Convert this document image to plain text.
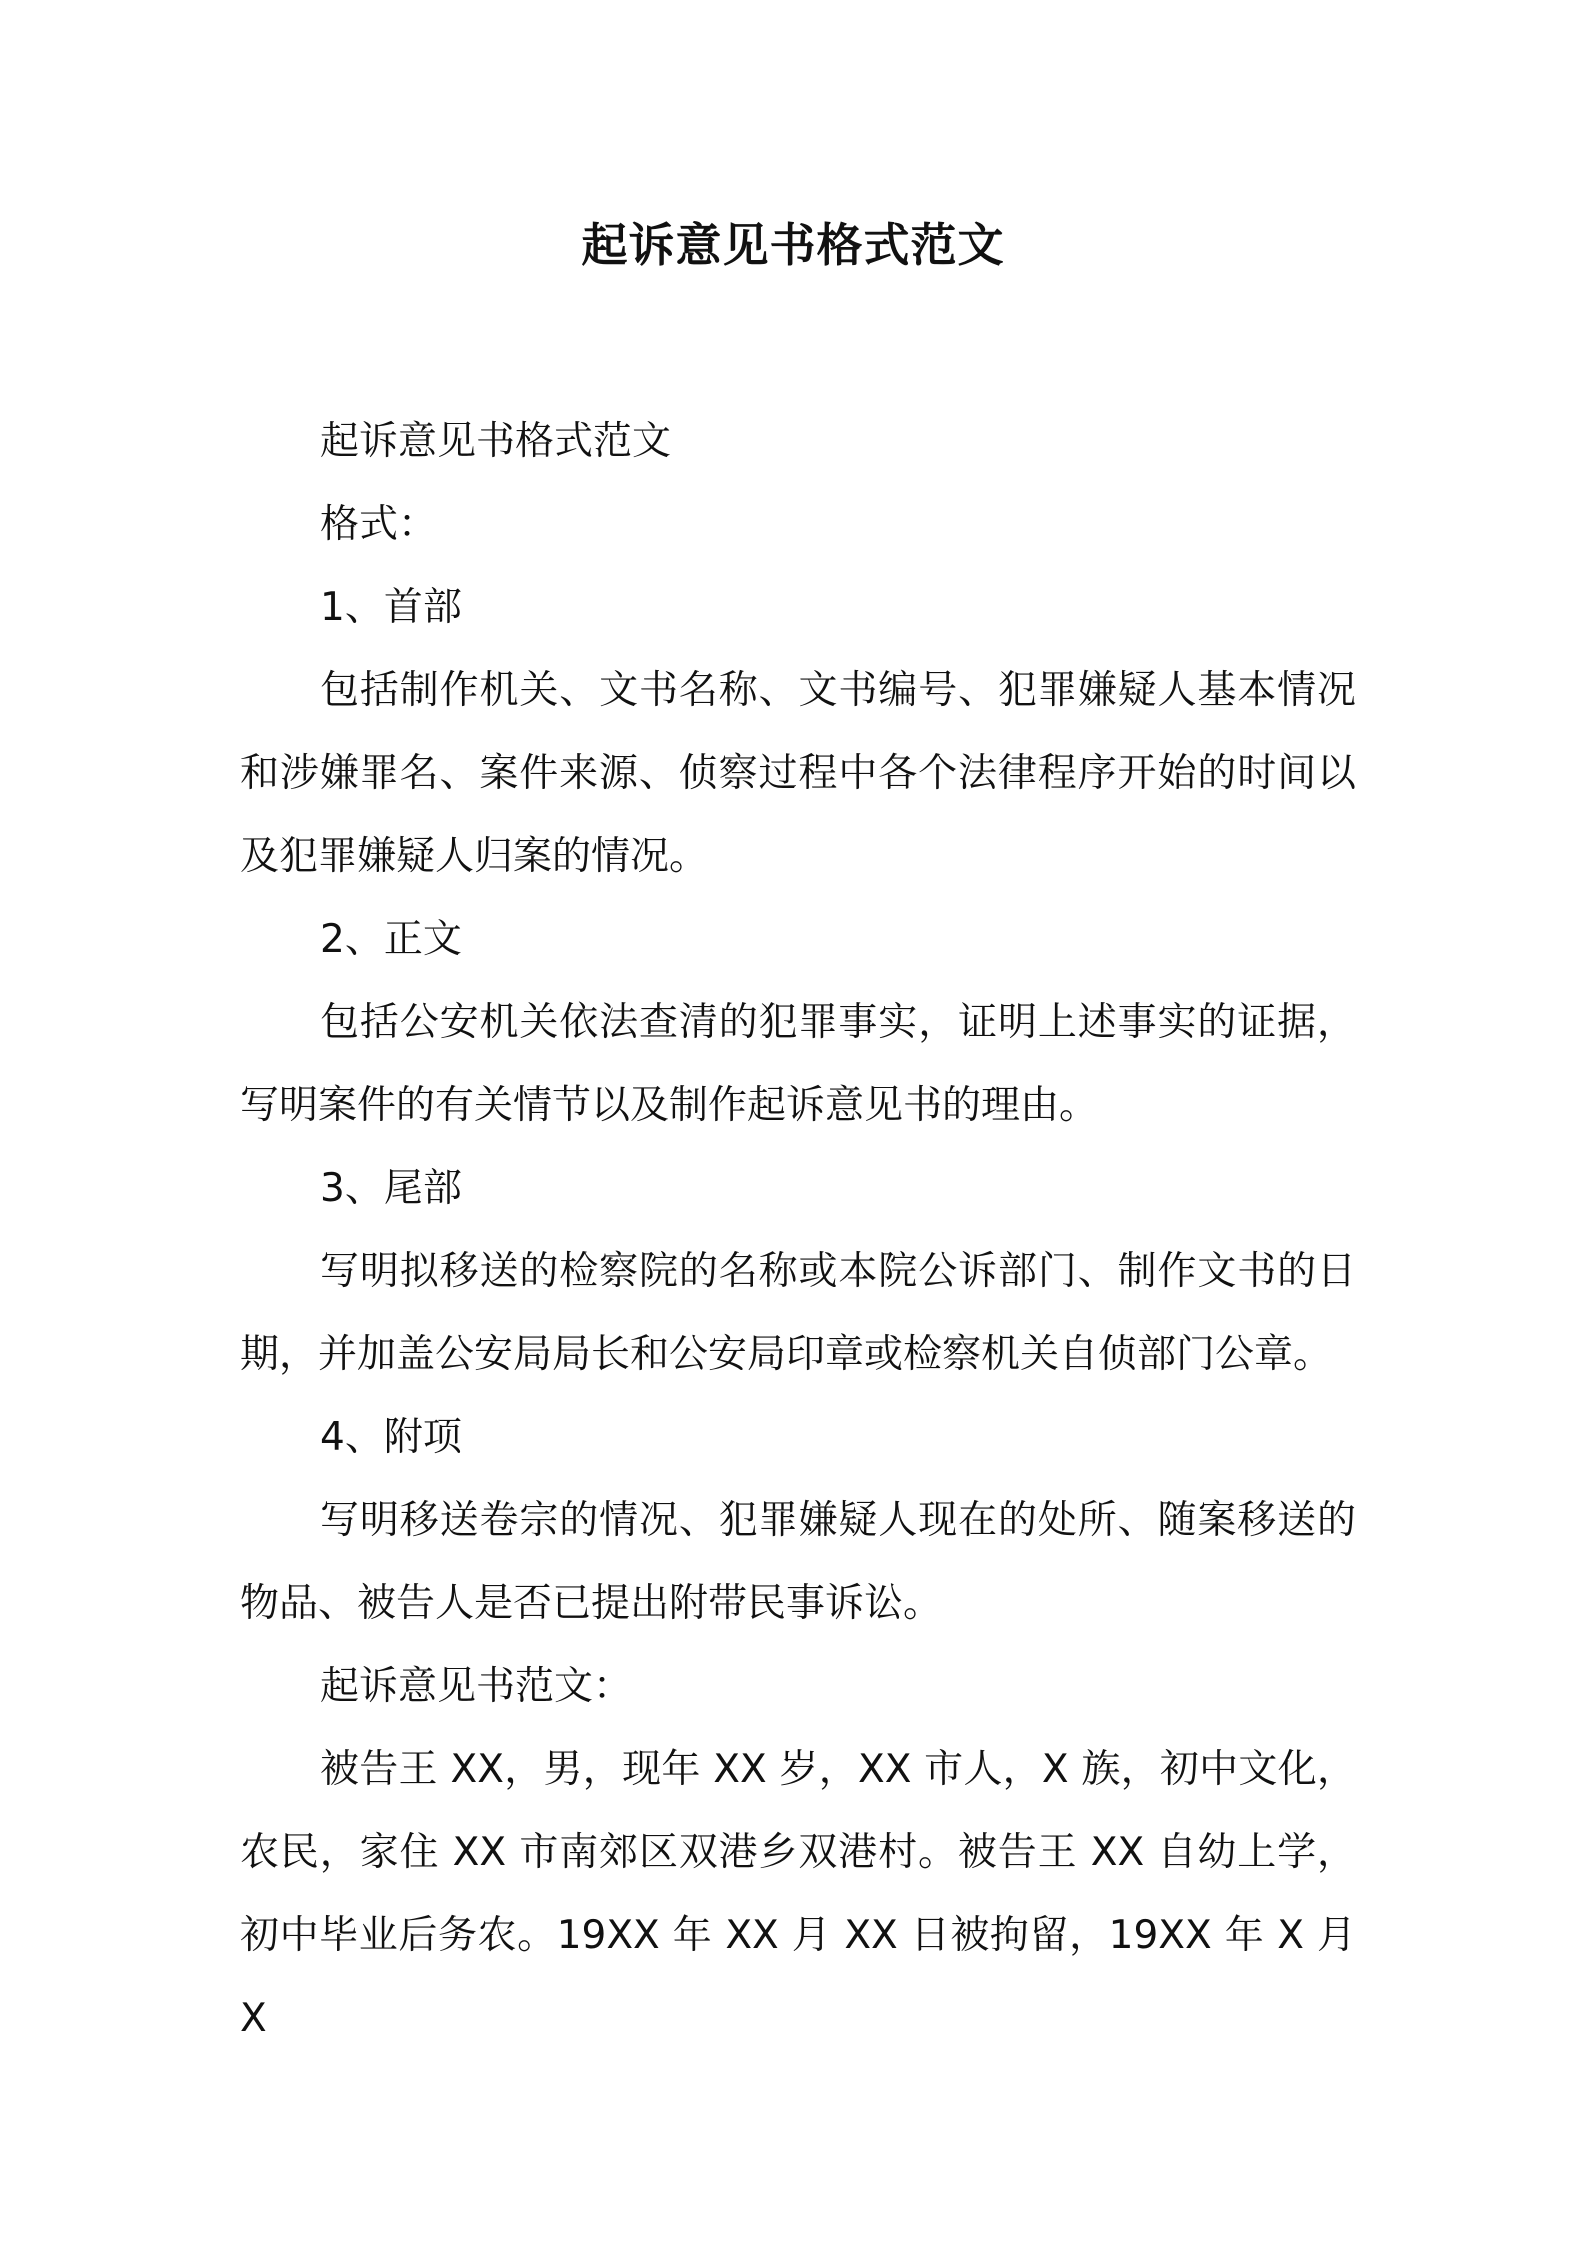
起诉意见书格式范文

起诉意见书格式范文

格式：

1、首部

包括制作机关、文书名称、文书编号、犯罪嫌疑人基本情况和涉嫌罪名、案件来源、侦察过程中各个法律程序开始的时间以及犯罪嫌疑人归案的情况。

2、正文

包括公安机关依法查清的犯罪事实，证明上述事实的证据，写明案件的有关情节以及制作起诉意见书的理由。

3、尾部

写明拟移送的检察院的名称或本院公诉部门、制作文书的日期，并加盖公安局局长和公安局印章或检察机关自侦部门公章。

4、附项

写明移送卷宗的情况、犯罪嫌疑人现在的处所、随案移送的物品、被告人是否已提出附带民事诉讼。

起诉意见书范文：

被告王 XX，男，现年 XX 岁，XX 市人，X 族，初中文化，农民，家住 XX 市南郊区双港乡双港村。被告王 XX 自幼上学，初中毕业后务农。19XX 年 XX 月 XX 日被拘留，19XX 年 X 月 X
